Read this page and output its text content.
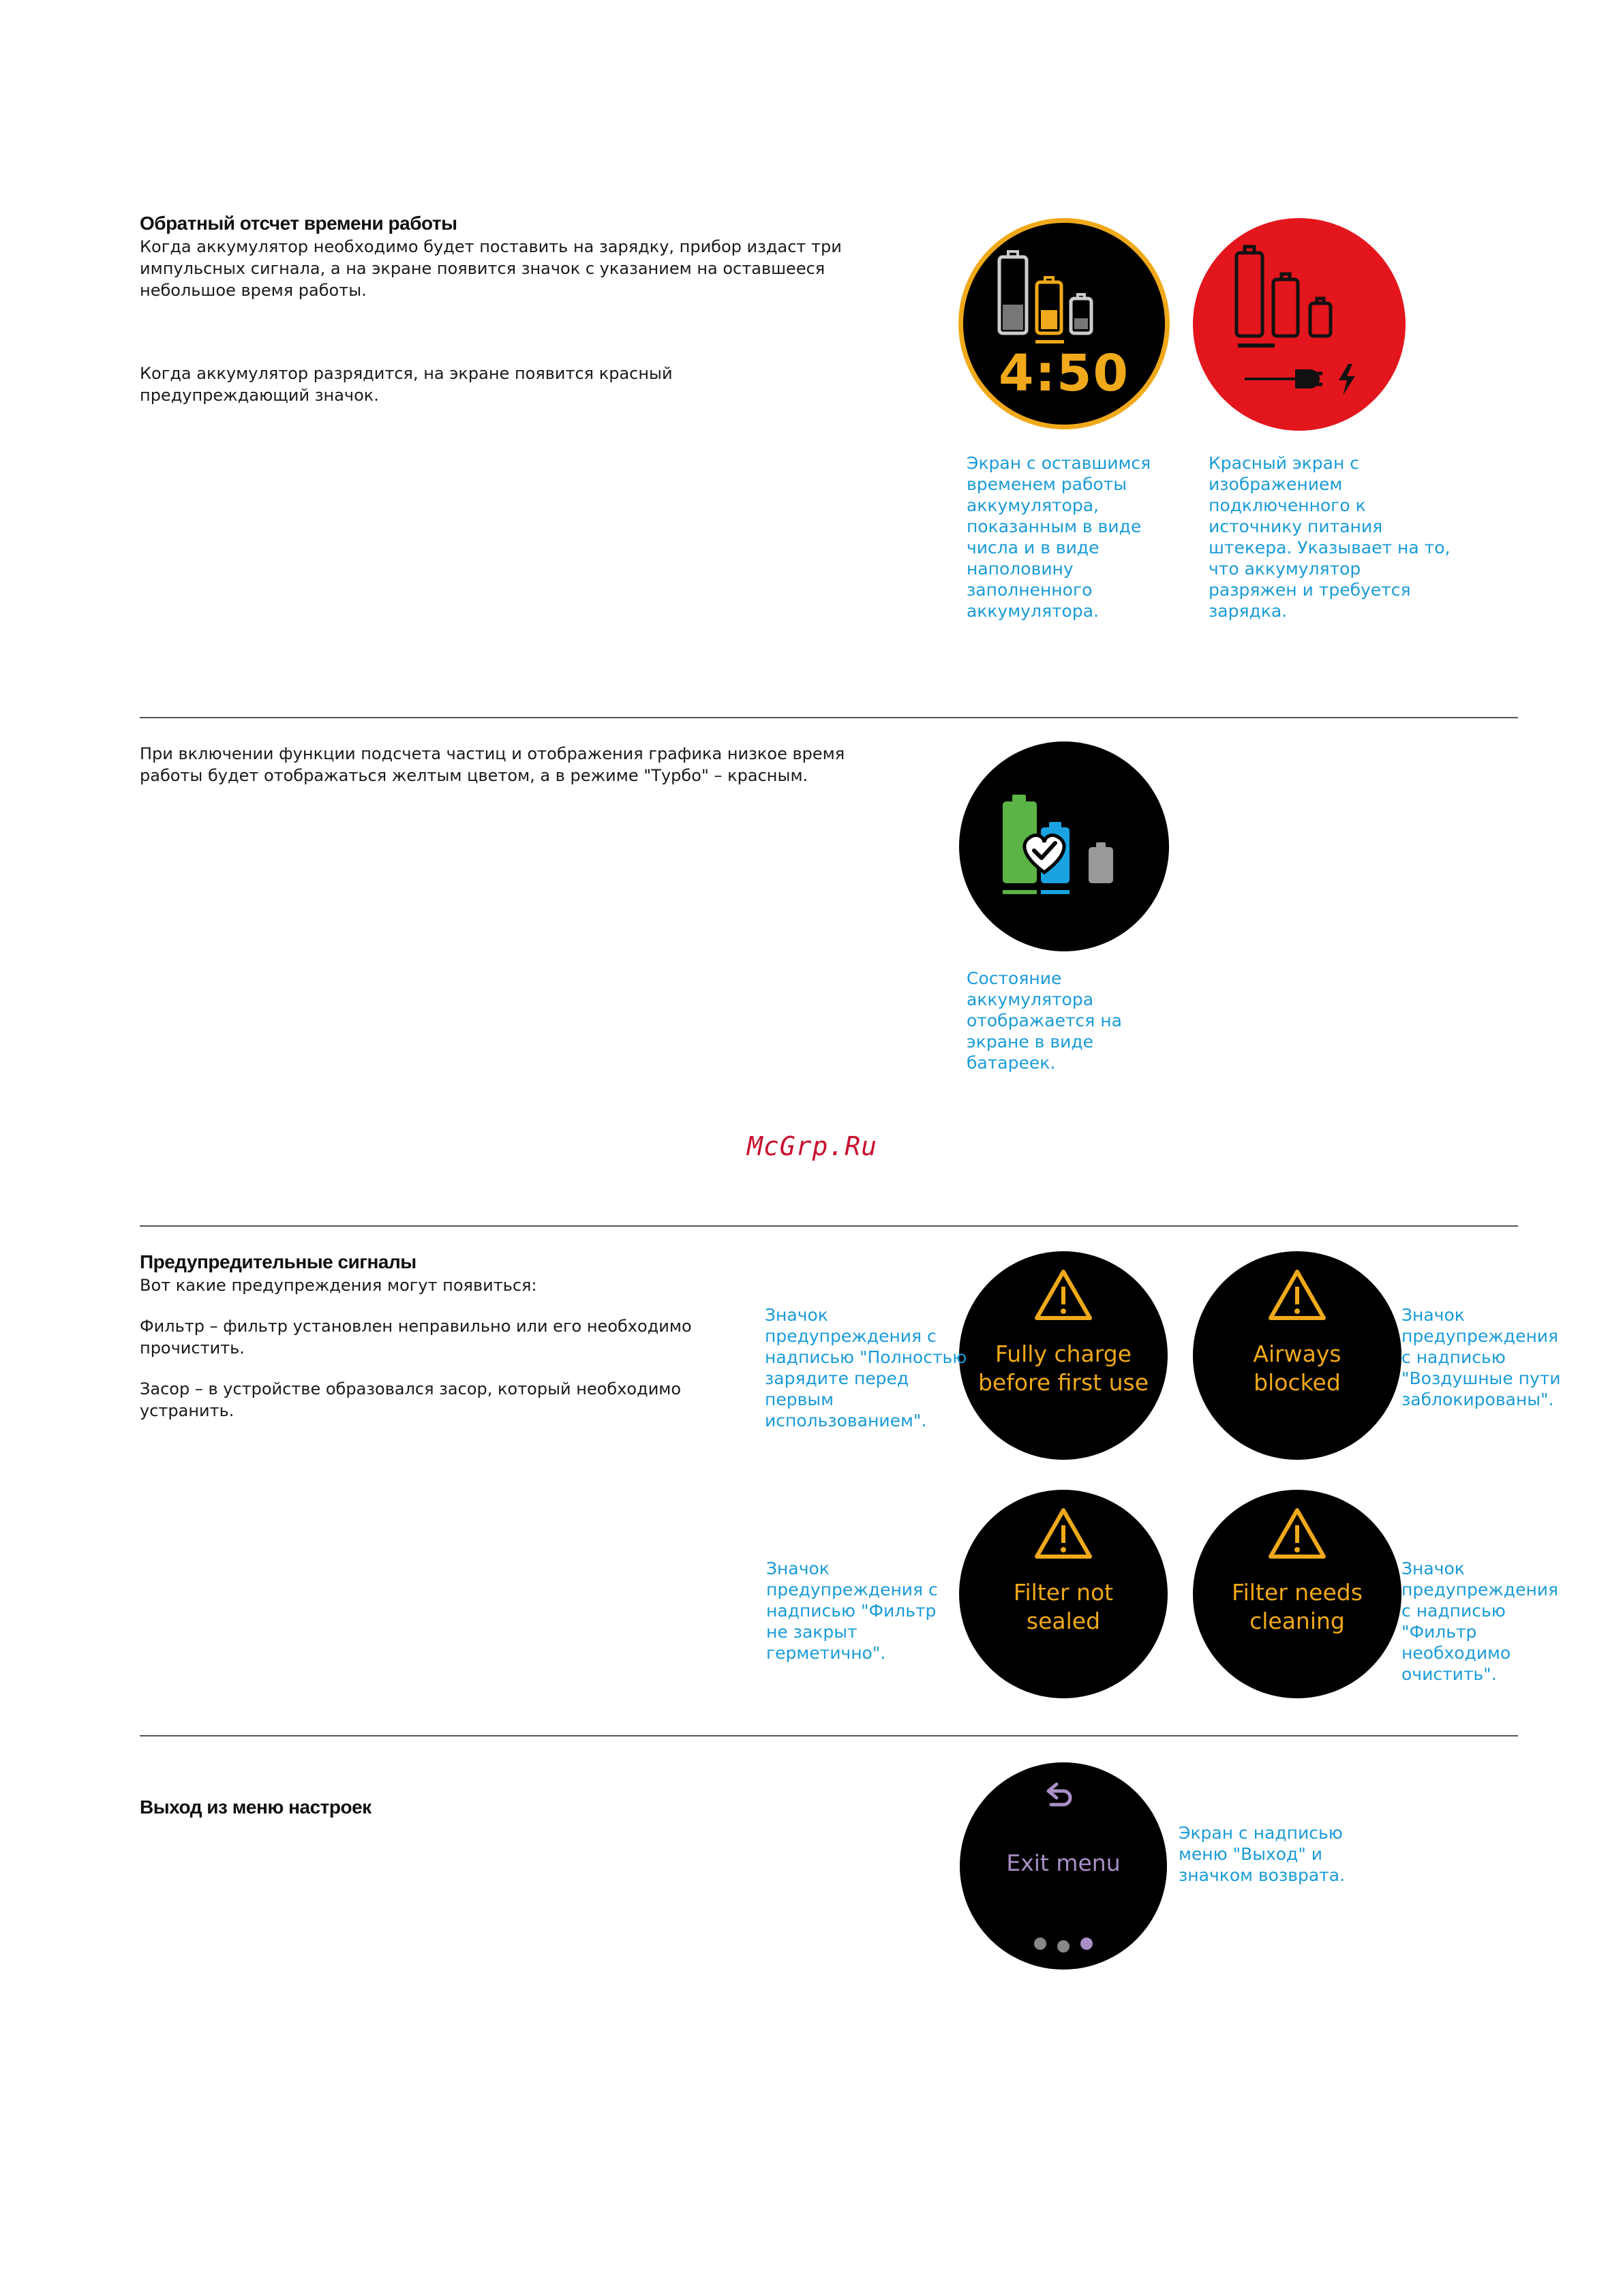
Обратный отсчет времени работы
Когда аккумулятор необходимо будет поставить на зарядку, прибор издаст три
импульсных сигнала, а на экране появится значок с указанием на оставшееся
небольшое время работы.
Когда аккумулятор разрядится, на экране появится красный
предупреждающий значок.	4:50
Экран с оставшимся
временем работы
аккумулятора,
показанным в виде
числа и в виде
наполовину
заполненного
аккумулятора.
Красный экран с
изображением
подключенного к
источнику питания
штекера. Указывает на то,
что аккумулятор
разряжен и требуется
зарядка.
При включении функции подсчета частиц и отображения графика низкое время
работы будет отображаться желтым цветом, а в режиме "Турбо" – красным.
Состояние
аккумулятора
отображается на
экране в виде
батареек.
McGrp.Ru
Предупредительные сигналы
Вот какие предупреждения могут появиться:
Фильтр – фильтр установлен неправильно или его необходимо
прочистить.
Засор – в устройстве образовался засор, который необходимо
устранить.
Fully charge
before first use
Airways
blocked
Filter not
sealed
Filter needs
cleaning
Значок
предупреждения с
надписью "Полностью
зарядите перед
первым
использованием".
Значок
предупреждения
с надписью
"Воздушные пути
заблокированы".
Значок
предупреждения с
надписью "Фильтр
не закрыт
герметично".
Значок
предупреждения
с надписью
"Фильтр
необходимо
очистить".
Выход из меню настроек
Exit menu
Экран с надписью
меню "Выход" и
значком возврата.
